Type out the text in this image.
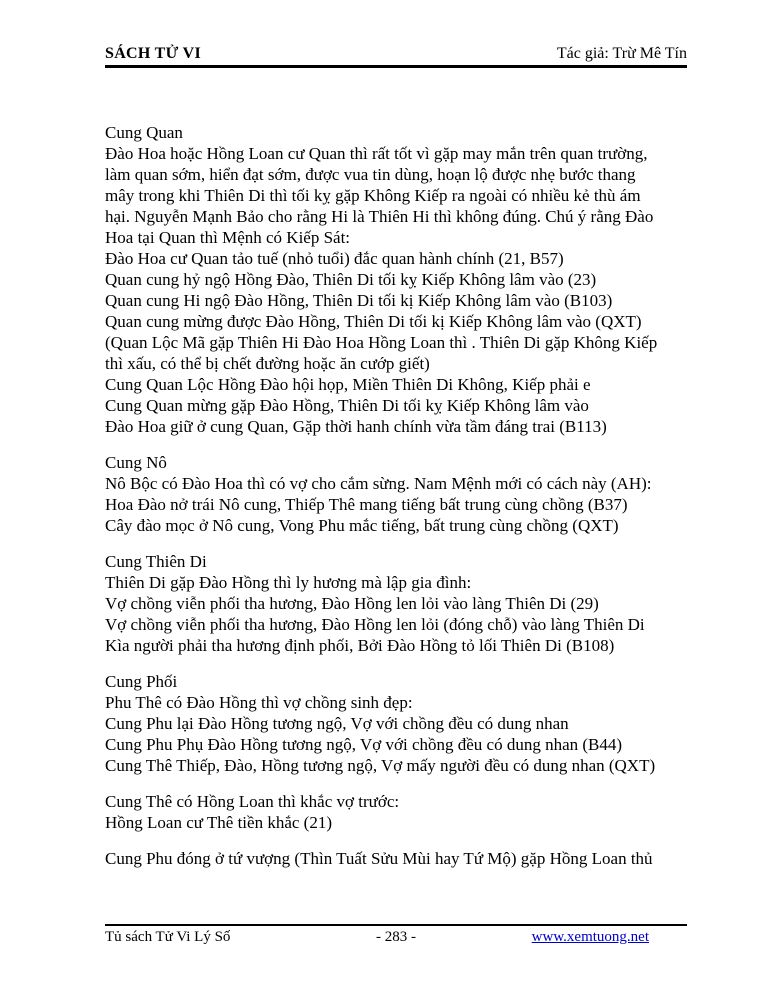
SÁCH TỬ VI	Tác giả: Trừ Mê Tín
Cung Quan
Đào Hoa hoặc Hồng Loan cư Quan thì rất tốt vì gặp may mắn trên quan trường,
làm quan sớm, hiển đạt sớm, được vua tin dùng, hoạn lộ được nhẹ bước thang
mây trong khi Thiên Di thì tối kỵ gặp Không Kiếp ra ngoài có nhiều kẻ thù ám
hại. Nguyễn Mạnh Bảo cho rằng Hi là Thiên Hi thì không đúng. Chú ý rằng Đào
Hoa tại Quan thì Mệnh có Kiếp Sát:
Đào Hoa cư Quan tảo tuế (nhỏ tuổi) đắc quan hành chính (21, B57)
Quan cung hỷ ngộ Hồng Đào, Thiên Di tối kỵ Kiếp Không lâm vào (23)
Quan cung Hi ngộ Đào Hồng, Thiên Di tối kị Kiếp Không lâm vào (B103)
Quan cung mừng được Đào Hồng, Thiên Di tối kị Kiếp Không lâm vào (QXT)
(Quan Lộc Mã gặp Thiên Hi Đào Hoa Hồng Loan thì . Thiên Di gặp Không Kiếp
thì xấu, có thể bị chết đường hoặc ăn cướp giết)
Cung Quan Lộc Hồng Đào hội họp, Miền Thiên Di Không, Kiếp phải e
Cung Quan mừng gặp Đào Hồng, Thiên Di tối kỵ Kiếp Không lâm vào
Đào Hoa giữ ở cung Quan, Gặp thời hanh chính vừa tầm đáng trai (B113)
Cung Nô
Nô Bộc có Đào Hoa thì có vợ cho cắm sừng. Nam Mệnh mới có cách này (AH):
Hoa Đào nở trái Nô cung, Thiếp Thê mang tiếng bất trung cùng chồng (B37)
Cây đào mọc ở Nô cung, Vong Phu mắc tiếng, bất trung cùng chồng (QXT)
Cung Thiên Di
Thiên Di gặp Đào Hồng thì ly hương mà lập gia đình:
Vợ chồng viễn phối tha hương, Đào Hồng len lỏi vào làng Thiên Di (29)
Vợ chồng viễn phối tha hương, Đào Hồng len lỏi (đóng chỗ) vào làng Thiên Di
Kìa người phải tha hương định phối, Bởi Đào Hồng tỏ lối Thiên Di (B108)
Cung Phối
Phu Thê có Đào Hồng thì vợ chồng sinh đẹp:
Cung Phu lại Đào Hồng tương ngộ, Vợ với chồng đều có dung nhan
Cung Phu Phụ Đào Hồng tương ngộ, Vợ với chồng đều có dung nhan (B44)
Cung Thê Thiếp, Đào, Hồng tương ngộ, Vợ mấy người đều có dung nhan (QXT)
Cung Thê có Hồng Loan thì khắc vợ trước:
Hồng Loan cư Thê tiền khắc (21)
Cung Phu đóng ở tứ vượng (Thìn Tuất Sửu Mùi hay Tứ Mộ) gặp Hồng Loan thủ
Tủ sách Tử Vi Lý Số	- 283 -	www.xemtuong.net
